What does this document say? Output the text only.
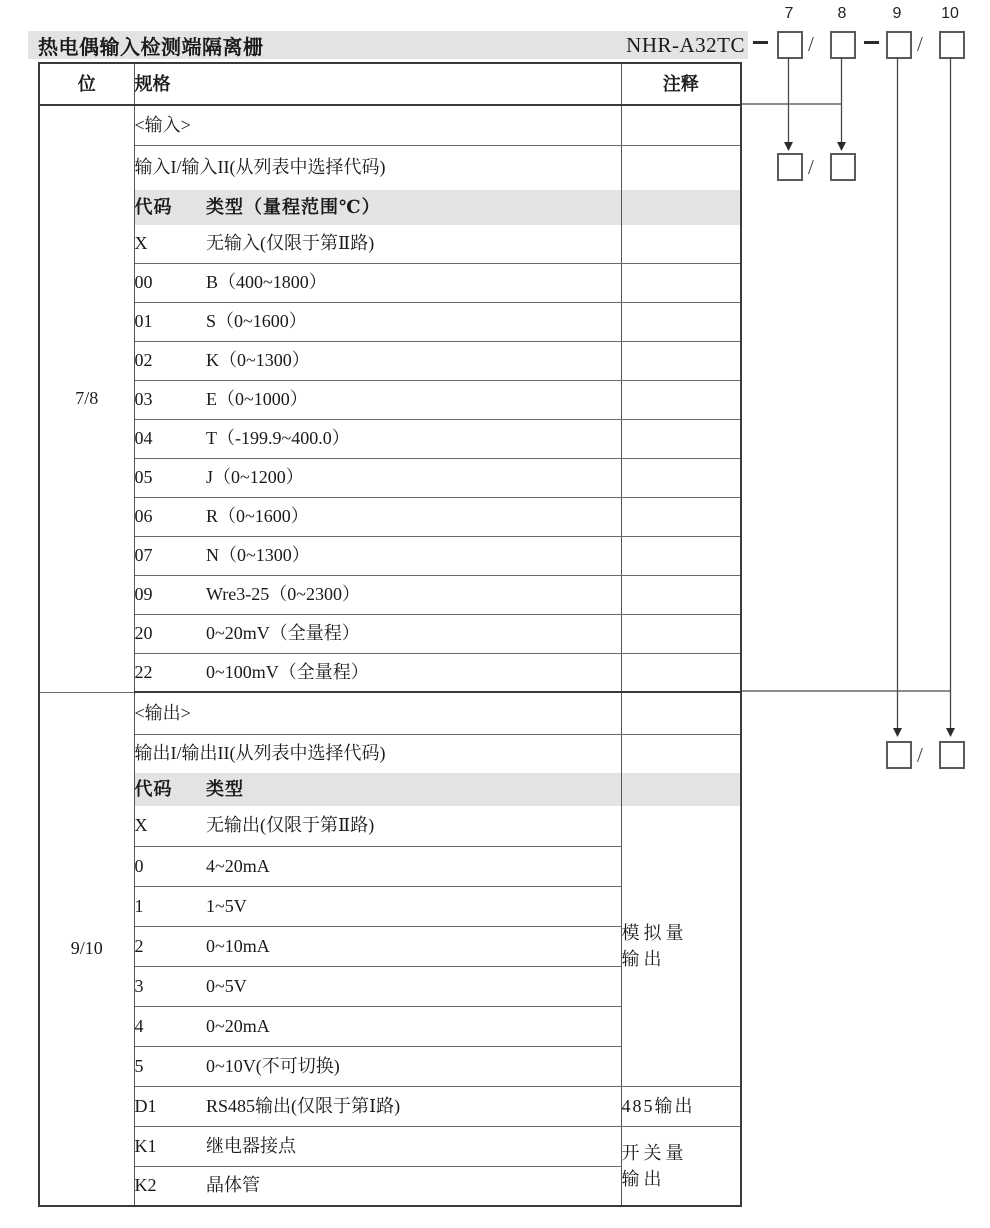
热电偶输入检测端隔离栅	NHR-A32TC
7	8	9	10
/	/
/
/
位	规格		注释
7/8	<输入>		
	输入I/输入II(从列表中选择代码)		
	代码	类型（量程范围℃）	
	X	无输入(仅限于第Ⅱ路)	
	00	B（400~1800）	
	01	S（0~1600）	
	02	K（0~1300）	
	03	E（0~1000）	
	04	T（-199.9~400.0）	
	05	J（0~1200）	
	06	R（0~1600）	
	07	N（0~1300）	
	09	Wre3-25（0~2300）	
	20	0~20mV（全量程）	
	22	0~100mV（全量程）	
9/10	<输出>		
	输出I/输出II(从列表中选择代码)		
	代码	类型	
	X	无输出(仅限于第Ⅱ路)	模拟量
输出

	0	4~20mA	
	1	1~5V	
	2	0~10mA	
	3	0~5V	
	4	0~20mA	
	5	0~10V(不可切换)	
	D1	RS485输出(仅限于第Ⅰ路)	485输出
	K1	继电器接点	开关量
输出

	K2	晶体管	
